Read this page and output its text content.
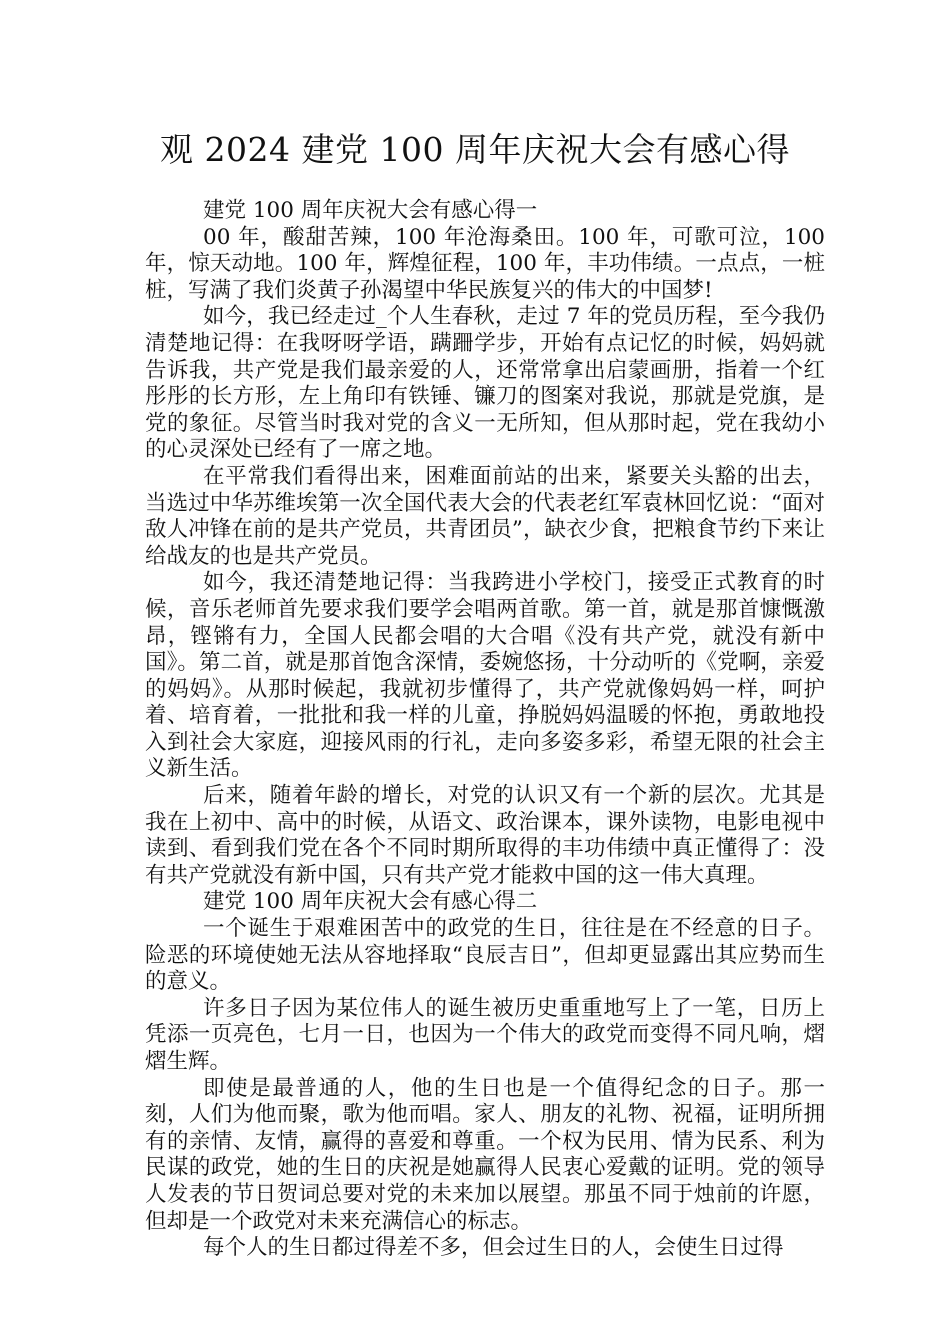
观 2024 建党 100 周年庆祝大会有感心得

建党 100 周年庆祝大会有感心得一

00 年，酸甜苦辣，100 年沧海桑田。100 年，可歌可泣，100 年，惊天动地。100 年，辉煌征程，100 年，丰功伟绩。一点点，一桩桩，写满了我们炎黄子孙渴望中华民族复兴的伟大的中国梦!

如今，我已经走过_个人生春秋，走过 7 年的党员历程，至今我仍清楚地记得：在我呀呀学语，蹒跚学步，开始有点记忆的时候，妈妈就告诉我，共产党是我们最亲爱的人，还常常拿出启蒙画册，指着一个红彤彤的长方形，左上角印有铁锤、镰刀的图案对我说，那就是党旗，是党的象征。尽管当时我对党的含义一无所知，但从那时起，党在我幼小的心灵深处已经有了一席之地。

在平常我们看得出来，困难面前站的出来，紧要关头豁的出去，当选过中华苏维埃第一次全国代表大会的代表老红军袁林回忆说：“面对敌人冲锋在前的是共产党员，共青团员”，缺衣少食，把粮食节约下来让给战友的也是共产党员。

如今，我还清楚地记得：当我跨进小学校门，接受正式教育的时候，音乐老师首先要求我们要学会唱两首歌。第一首，就是那首慷慨激昂，铿锵有力，全国人民都会唱的大合唱《没有共产党，就没有新中国》。第二首，就是那首饱含深情，委婉悠扬，十分动听的《党啊，亲爱的妈妈》。从那时候起，我就初步懂得了，共产党就像妈妈一样，呵护着、培育着，一批批和我一样的儿童，挣脱妈妈温暖的怀抱，勇敢地投入到社会大家庭，迎接风雨的行礼，走向多姿多彩，希望无限的社会主义新生活。

后来，随着年龄的增长，对党的认识又有一个新的层次。尤其是我在上初中、高中的时候，从语文、政治课本，课外读物，电影电视中读到、看到我们党在各个不同时期所取得的丰功伟绩中真正懂得了：没有共产党就没有新中国，只有共产党才能救中国的这一伟大真理。

建党 100 周年庆祝大会有感心得二

一个诞生于艰难困苦中的政党的生日，往往是在不经意的日子。险恶的环境使她无法从容地择取“良辰吉日”，但却更显露出其应势而生的意义。

许多日子因为某位伟人的诞生被历史重重地写上了一笔，日历上凭添一页亮色，七月一日，也因为一个伟大的政党而变得不同凡响，熠熠生辉。

即使是最普通的人，他的生日也是一个值得纪念的日子。那一刻，人们为他而聚，歌为他而唱。家人、朋友的礼物、祝福，证明所拥有的亲情、友情，赢得的喜爱和尊重。一个权为民用、情为民系、利为民谋的政党，她的生日的庆祝是她赢得人民衷心爱戴的证明。党的领导人发表的节日贺词总要对党的未来加以展望。那虽不同于烛前的许愿，但却是一个政党对未来充满信心的标志。

每个人的生日都过得差不多，但会过生日的人，会使生日过得
